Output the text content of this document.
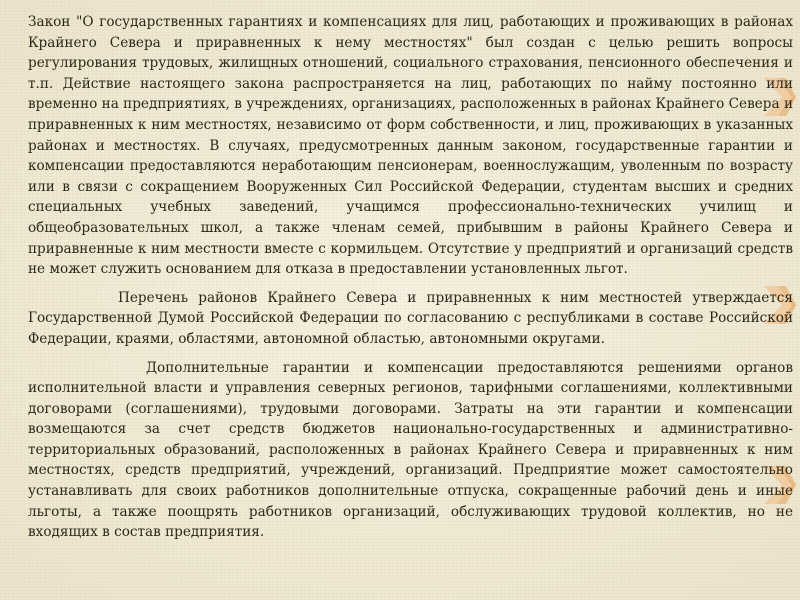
Закон "О государственных гарантиях и компенсациях для лиц, работающих и проживающих в районах Крайнего Севера и приравненных к нему местностях" был создан с целью решить вопросы регулирования трудовых, жилищных отношений, социального страхования, пенсионного обеспечения и т.п. Действие настоящего закона распространяется на лиц, работающих по найму постоянно или временно на предприятиях, в учреждениях, организациях, расположенных в районах Крайнего Севера и приравненных к ним местностях, независимо от форм собственности, и лиц, проживающих в указанных районах и местностях. В случаях, предусмотренных данным законом, государственные гарантии и компенсации предоставляются неработающим пенсионерам, военнослужащим, уволенным по возрасту или в связи с сокращением Вооруженных Сил Российской Федерации, студентам высших и средних специальных учебных заведений, учащимся профессионально-технических училищ и общеобразовательных школ, а также членам семей, прибывшим в районы Крайнего Севера и приравненные к ним местности вместе с кормильцем. Отсутствие у предприятий и организаций средств не может служить основанием для отказа в предоставлении установленных льгот.

Перечень районов Крайнего Севера и приравненных к ним местностей утверждается Государственной Думой Российской Федерации по согласованию с республиками в составе Российской Федерации, краями, областями, автономной областью, автономными округами.

Дополнительные гарантии и компенсации предоставляются решениями органов исполнительной власти и управления северных регионов, тарифными соглашениями, коллективными договорами (соглашениями), трудовыми договорами. Затраты на эти гарантии и компенсации возмещаются за счет средств бюджетов национально-государственных и административно-территориальных образований, расположенных в районах Крайнего Севера и приравненных к ним местностях, средств предприятий, учреждений, организаций. Предприятие может самостоятельно устанавливать для своих работников дополнительные отпуска, сокращенные рабочий день и иные льготы, а также поощрять работников организаций, обслуживающих трудовой коллектив, но не входящих в состав предприятия.
